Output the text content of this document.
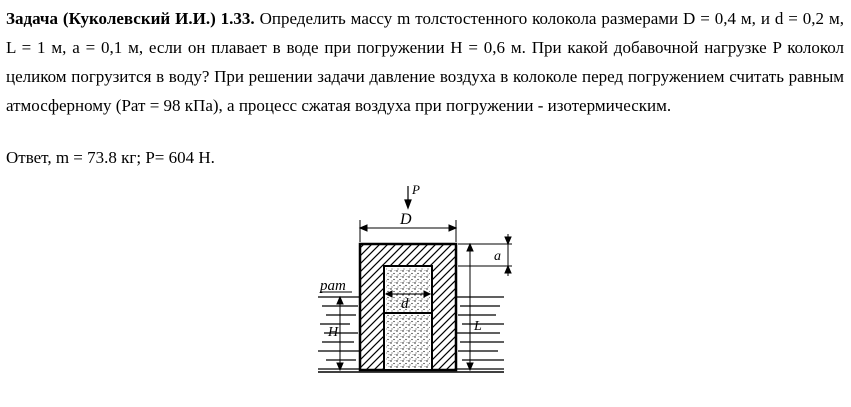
Задача (Куколевский И.И.) 1.33. Определить массу m толстостенного колокола размерами D = 0,4 м, и d = 0,2 м, L = 1 м, a = 0,1 м, если он плавает в воде при погружении H = 0,6 м. При какой добавочной нагрузке P колокол целиком погрузится в воду? При решении задачи давление воздуха в колоколе перед погружением считать равным атмосферному (Pат = 98 кПа), а процесс сжатая воздуха при погружении - изотермическим.

Ответ, m = 73.8 кг; P= 604 Н.

P
D
d
a
L
H
pат
